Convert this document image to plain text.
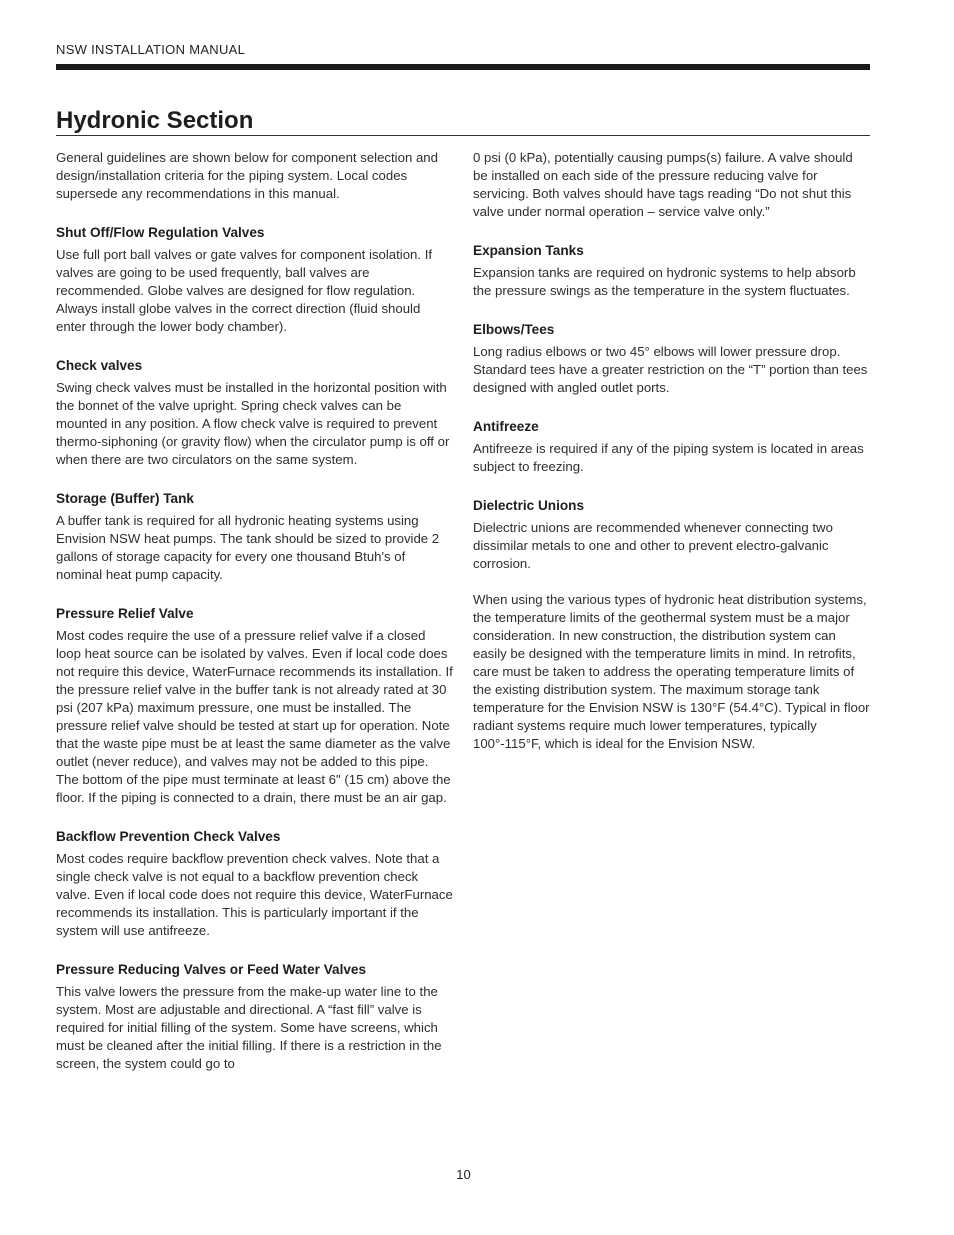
NSW INSTALLATION MANUAL
Hydronic Section

General guidelines are shown below for component selection and design/installation criteria for the piping system. Local codes supersede any recommendations in this manual.

Shut Off/Flow Regulation Valves

Use full port ball valves or gate valves for component isolation. If valves are going to be used frequently, ball valves are recommended. Globe valves are designed for flow regulation. Always install globe valves in the correct direction (fluid should enter through the lower body chamber).

Check valves

Swing check valves must be installed in the horizontal position with the bonnet of the valve upright. Spring check valves can be mounted in any position. A flow check valve is required to prevent thermo-siphoning (or gravity flow) when the circulator pump is off or when there are two circulators on the same system.

Storage (Buffer) Tank

A buffer tank is required for all hydronic heating systems using Envision NSW heat pumps. The tank should be sized to provide 2 gallons of storage capacity for every one thousand Btuh's of nominal heat pump capacity.

Pressure Relief Valve

Most codes require the use of a pressure relief valve if a closed loop heat source can be isolated by valves. Even if local code does not require this device, WaterFurnace recommends its installation. If the pressure relief valve in the buffer tank is not already rated at 30 psi (207 kPa) maximum pressure, one must be installed. The pressure relief valve should be tested at start up for operation. Note that the waste pipe must be at least the same diameter as the valve outlet (never reduce), and valves may not be added to this pipe. The bottom of the pipe must terminate at least 6" (15 cm) above the floor. If the piping is connected to a drain, there must be an air gap.

Backflow Prevention Check Valves

Most codes require backflow prevention check valves. Note that a single check valve is not equal to a backflow prevention check valve. Even if local code does not require this device, WaterFurnace recommends its installation. This is particularly important if the system will use antifreeze.

Pressure Reducing Valves or Feed Water Valves

This valve lowers the pressure from the make-up water line to the system. Most are adjustable and directional. A “fast fill” valve is required for initial filling of the system. Some have screens, which must be cleaned after the initial filling. If there is a restriction in the screen, the system could go to

0 psi (0 kPa), potentially causing pumps(s) failure. A valve should be installed on each side of the pressure reducing valve for servicing. Both valves should have tags reading “Do not shut this valve under normal operation – service valve only.”

Expansion Tanks

Expansion tanks are required on hydronic systems to help absorb the pressure swings as the temperature in the system fluctuates.

Elbows/Tees

Long radius elbows or two 45° elbows will lower pressure drop. Standard tees have a greater restriction on the “T” portion than tees designed with angled outlet ports.

Antifreeze

Antifreeze is required if any of the piping system is located in areas subject to freezing.

Dielectric Unions

Dielectric unions are recommended whenever connecting two dissimilar metals to one and other to prevent electro-galvanic corrosion.

When using the various types of hydronic heat distribution systems, the temperature limits of the geothermal system must be a major consideration. In new construction, the distribution system can easily be designed with the temperature limits in mind. In retrofits, care must be taken to address the operating temperature limits of the existing distribution system. The maximum storage tank temperature for the Envision NSW is 130°F (54.4°C). Typical in floor radiant systems require much lower temperatures, typically 100°-115°F, which is ideal for the Envision NSW.

10
